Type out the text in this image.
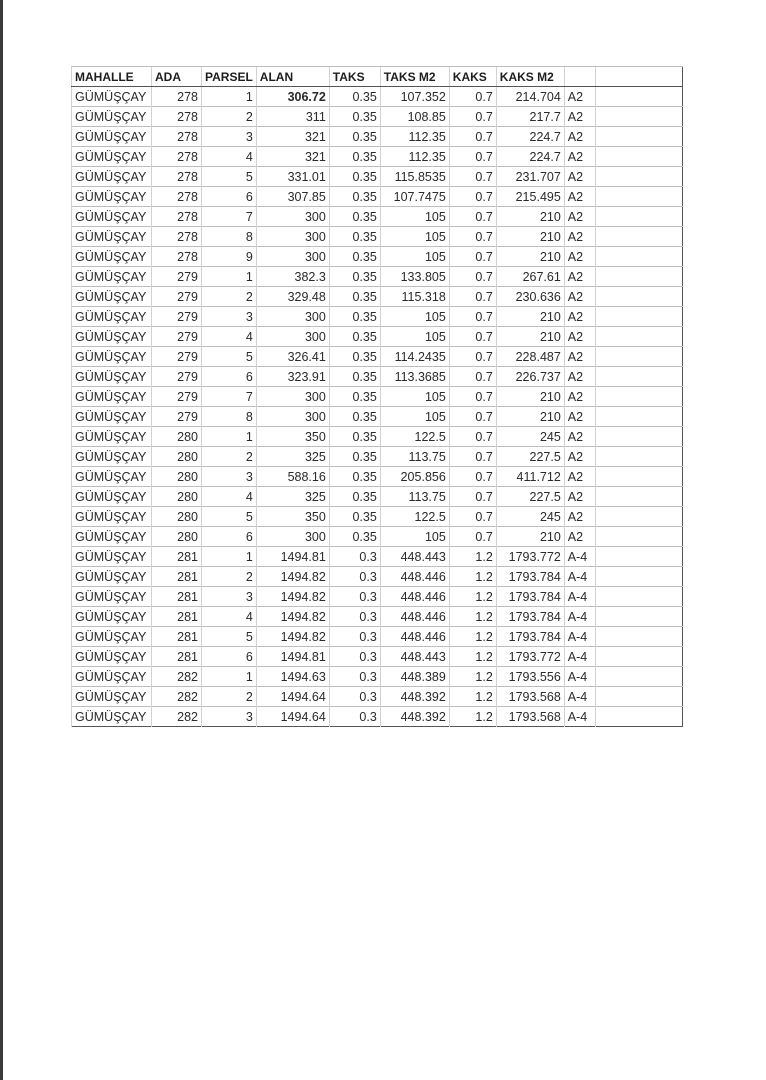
MAHALLE	ADA	PARSEL	ALAN	TAKS	TAKS M2	KAKS	KAKS M2		
GÜMÜŞÇAY	278	1	306.72	0.35	107.352	0.7	214.704	A2	
GÜMÜŞÇAY	278	2	311	0.35	108.85	0.7	217.7	A2	
GÜMÜŞÇAY	278	3	321	0.35	112.35	0.7	224.7	A2	
GÜMÜŞÇAY	278	4	321	0.35	112.35	0.7	224.7	A2	
GÜMÜŞÇAY	278	5	331.01	0.35	115.8535	0.7	231.707	A2	
GÜMÜŞÇAY	278	6	307.85	0.35	107.7475	0.7	215.495	A2	
GÜMÜŞÇAY	278	7	300	0.35	105	0.7	210	A2	
GÜMÜŞÇAY	278	8	300	0.35	105	0.7	210	A2	
GÜMÜŞÇAY	278	9	300	0.35	105	0.7	210	A2	
GÜMÜŞÇAY	279	1	382.3	0.35	133.805	0.7	267.61	A2	
GÜMÜŞÇAY	279	2	329.48	0.35	115.318	0.7	230.636	A2	
GÜMÜŞÇAY	279	3	300	0.35	105	0.7	210	A2	
GÜMÜŞÇAY	279	4	300	0.35	105	0.7	210	A2	
GÜMÜŞÇAY	279	5	326.41	0.35	114.2435	0.7	228.487	A2	
GÜMÜŞÇAY	279	6	323.91	0.35	113.3685	0.7	226.737	A2	
GÜMÜŞÇAY	279	7	300	0.35	105	0.7	210	A2	
GÜMÜŞÇAY	279	8	300	0.35	105	0.7	210	A2	
GÜMÜŞÇAY	280	1	350	0.35	122.5	0.7	245	A2	
GÜMÜŞÇAY	280	2	325	0.35	113.75	0.7	227.5	A2	
GÜMÜŞÇAY	280	3	588.16	0.35	205.856	0.7	411.712	A2	
GÜMÜŞÇAY	280	4	325	0.35	113.75	0.7	227.5	A2	
GÜMÜŞÇAY	280	5	350	0.35	122.5	0.7	245	A2	
GÜMÜŞÇAY	280	6	300	0.35	105	0.7	210	A2	
GÜMÜŞÇAY	281	1	1494.81	0.3	448.443	1.2	1793.772	A-4	
GÜMÜŞÇAY	281	2	1494.82	0.3	448.446	1.2	1793.784	A-4	
GÜMÜŞÇAY	281	3	1494.82	0.3	448.446	1.2	1793.784	A-4	
GÜMÜŞÇAY	281	4	1494.82	0.3	448.446	1.2	1793.784	A-4	
GÜMÜŞÇAY	281	5	1494.82	0.3	448.446	1.2	1793.784	A-4	
GÜMÜŞÇAY	281	6	1494.81	0.3	448.443	1.2	1793.772	A-4	
GÜMÜŞÇAY	282	1	1494.63	0.3	448.389	1.2	1793.556	A-4	
GÜMÜŞÇAY	282	2	1494.64	0.3	448.392	1.2	1793.568	A-4	
GÜMÜŞÇAY	282	3	1494.64	0.3	448.392	1.2	1793.568	A-4	
